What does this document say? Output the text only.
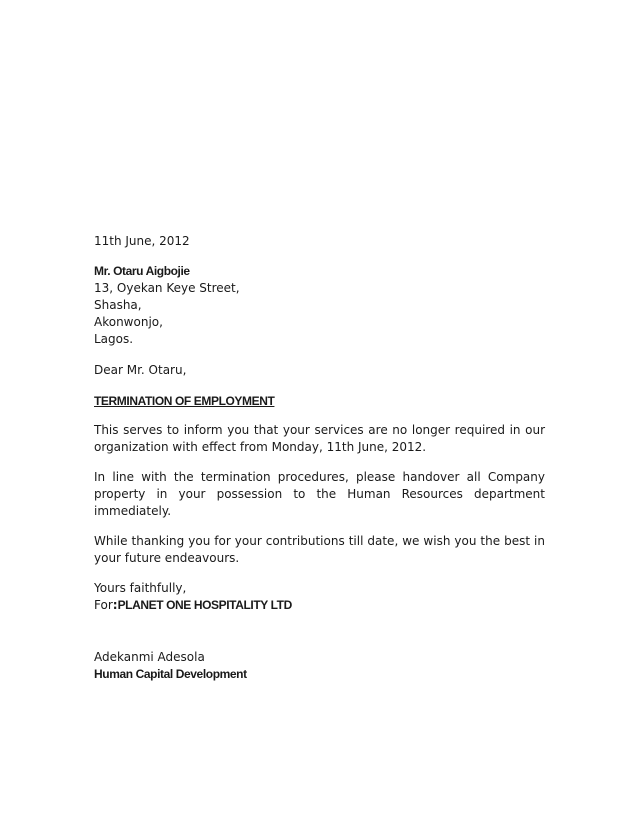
11th June, 2012
Mr. Otaru Aigbojie
13, Oyekan Keye Street,
Shasha,
Akonwonjo,
Lagos.
Dear Mr. Otaru,
TERMINATION OF EMPLOYMENT

This serves to inform you that your services are no longer required in our organization with effect from Monday, 11th June, 2012.

In line with the termination procedures, please handover all Company property in your possession to the Human Resources department immediately.

While thanking you for your contributions till date, we wish you the best in your future endeavours.

Yours faithfully,
For:PLANET ONE HOSPITALITY LTD
Adekanmi Adesola
Human Capital Development
